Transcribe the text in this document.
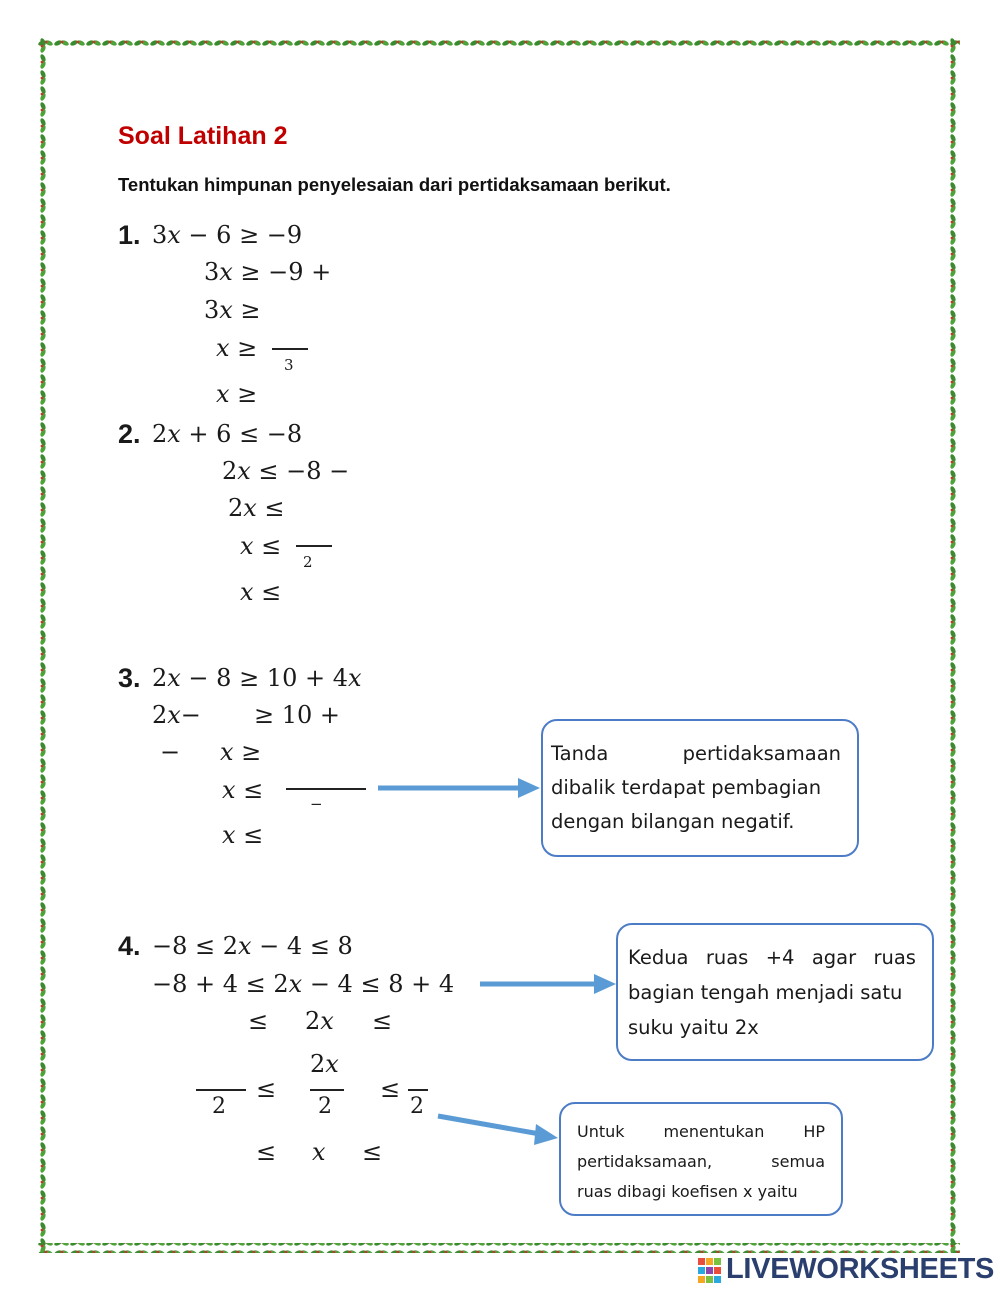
Soal Latihan 2
Tentukan himpunan penyelesaian dari pertidaksamaan berikut.
1. 3𝑥 − 6 ≥ −9
3𝑥 ≥ −9 +
3𝑥 ≥
𝑥 ≥
3
𝑥 ≥
2. 2𝑥 + 6 ≤ −8
2𝑥 ≤ −8 −
2𝑥 ≤
𝑥 ≤
2
𝑥 ≤
3. 2𝑥 − 8 ≥ 10 + 4𝑥
2𝑥− ≥ 10 +
− 𝑥 ≥
𝑥 ≤	−
𝑥 ≤
4. −8 ≤ 2𝑥 − 4 ≤ 8
−8 + 4 ≤ 2𝑥 − 4 ≤ 8 + 4
≤ 2𝑥 ≤
2
≤
2𝑥
2
≤
2
≤ 𝑥 ≤
Tanda	pertidaksamaan
dibalik terdapat pembagian
dengan bilangan negatif.
Kedua ruas +4 agar ruas
bagian tengah menjadi satu
suku yaitu 2x
Untuk menentukan HP
pertidaksamaan,	semua
ruas dibagi koefisen x yaitu
LIVEWORKSHEETS
